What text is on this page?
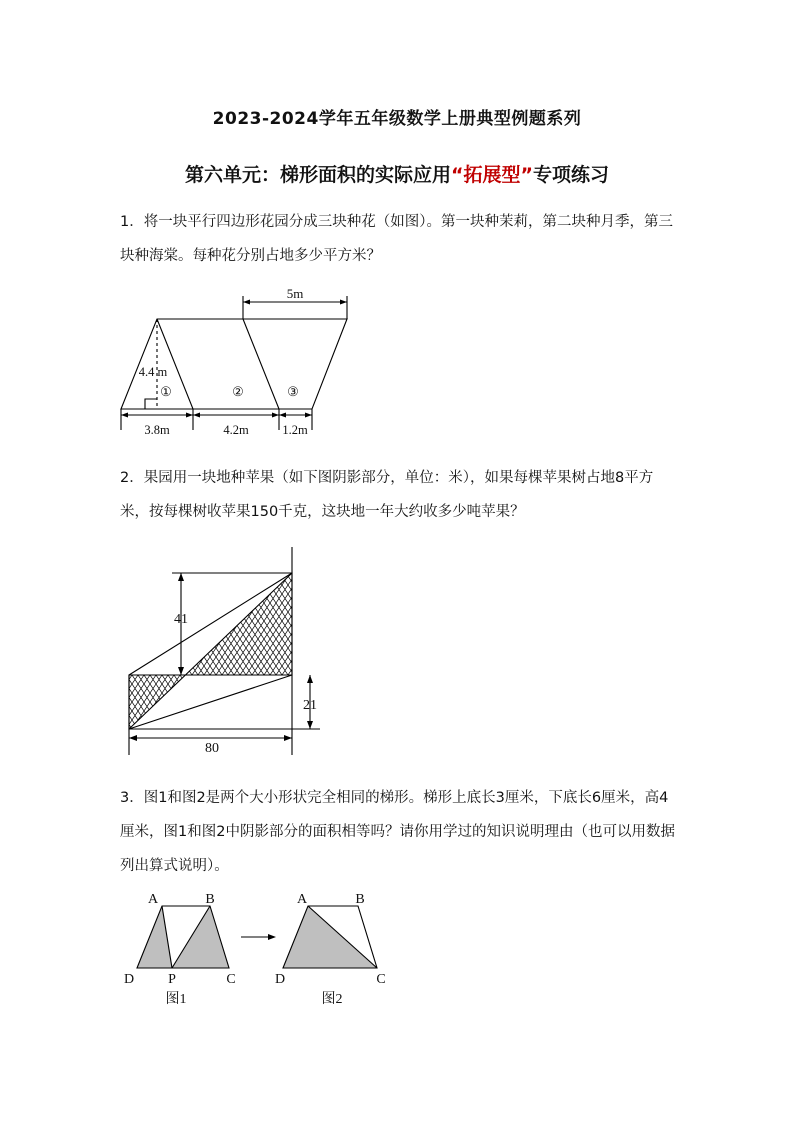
2023-2024学年五年级数学上册典型例题系列
第六单元：梯形面积的实际应用“拓展型”专项练习
1．将一块平行四边形花园分成三块种花（如图）。第一块种茉莉，第二块种月季，第三块种海棠。每种花分别占地多少平方米？
5m
4.4 m
①	②	③
3.8m	4.2m	1.2m
2．果园用一块地种苹果（如下图阴影部分，单位：米），如果每棵苹果树占地8平方米，按每棵树收苹果150千克，这块地一年大约收多少吨苹果？
41
21
80
3．图1和图2是两个大小形状完全相同的梯形。梯形上底长3厘米，下底长6厘米，高4厘米，图1和图2中阴影部分的面积相等吗？请你用学过的知识说明理由（也可以用数据列出算式说明）。
A	B
D P	C
图1
A	B
D	C
图2
